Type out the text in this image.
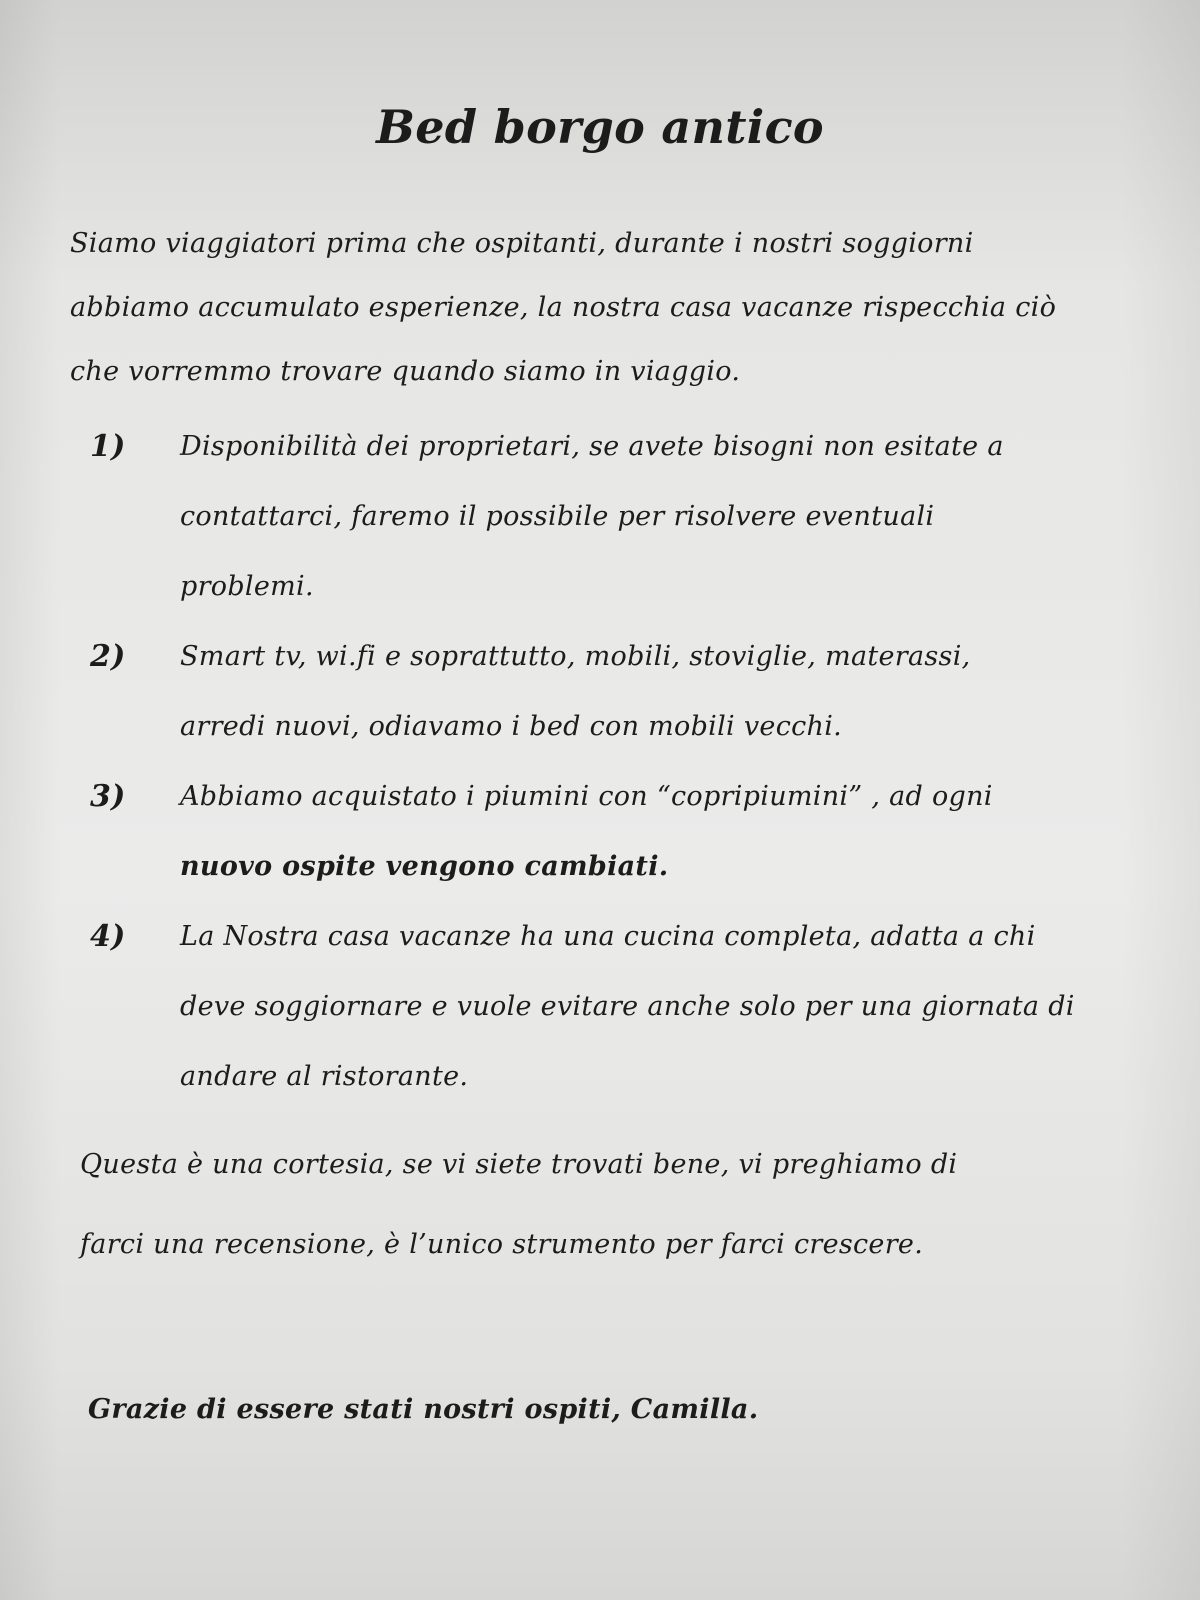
Bed borgo antico
Siamo viaggiatori prima che ospitanti, durante i nostri soggiorni
abbiamo accumulato esperienze, la nostra casa vacanze rispecchia ciò
che vorremmo trovare quando siamo in viaggio.
1) Disponibilità dei proprietari, se avete bisogni non esitate a
contattarci, faremo il possibile per risolvere eventuali
problemi.
2) Smart tv, wi.fi e soprattutto, mobili, stoviglie, materassi,
arredi nuovi, odiavamo i bed con mobili vecchi.
3) Abbiamo acquistato i piumini con “copripiumini” , ad ogni
nuovo ospite vengono cambiati.
4) La Nostra casa vacanze ha una cucina completa, adatta a chi
deve soggiornare e vuole evitare anche solo per una giornata di
andare al ristorante.
Questa è una cortesia, se vi siete trovati bene, vi preghiamo di
farci una recensione, è l’unico strumento per farci crescere.
Grazie di essere stati nostri ospiti, Camilla.
